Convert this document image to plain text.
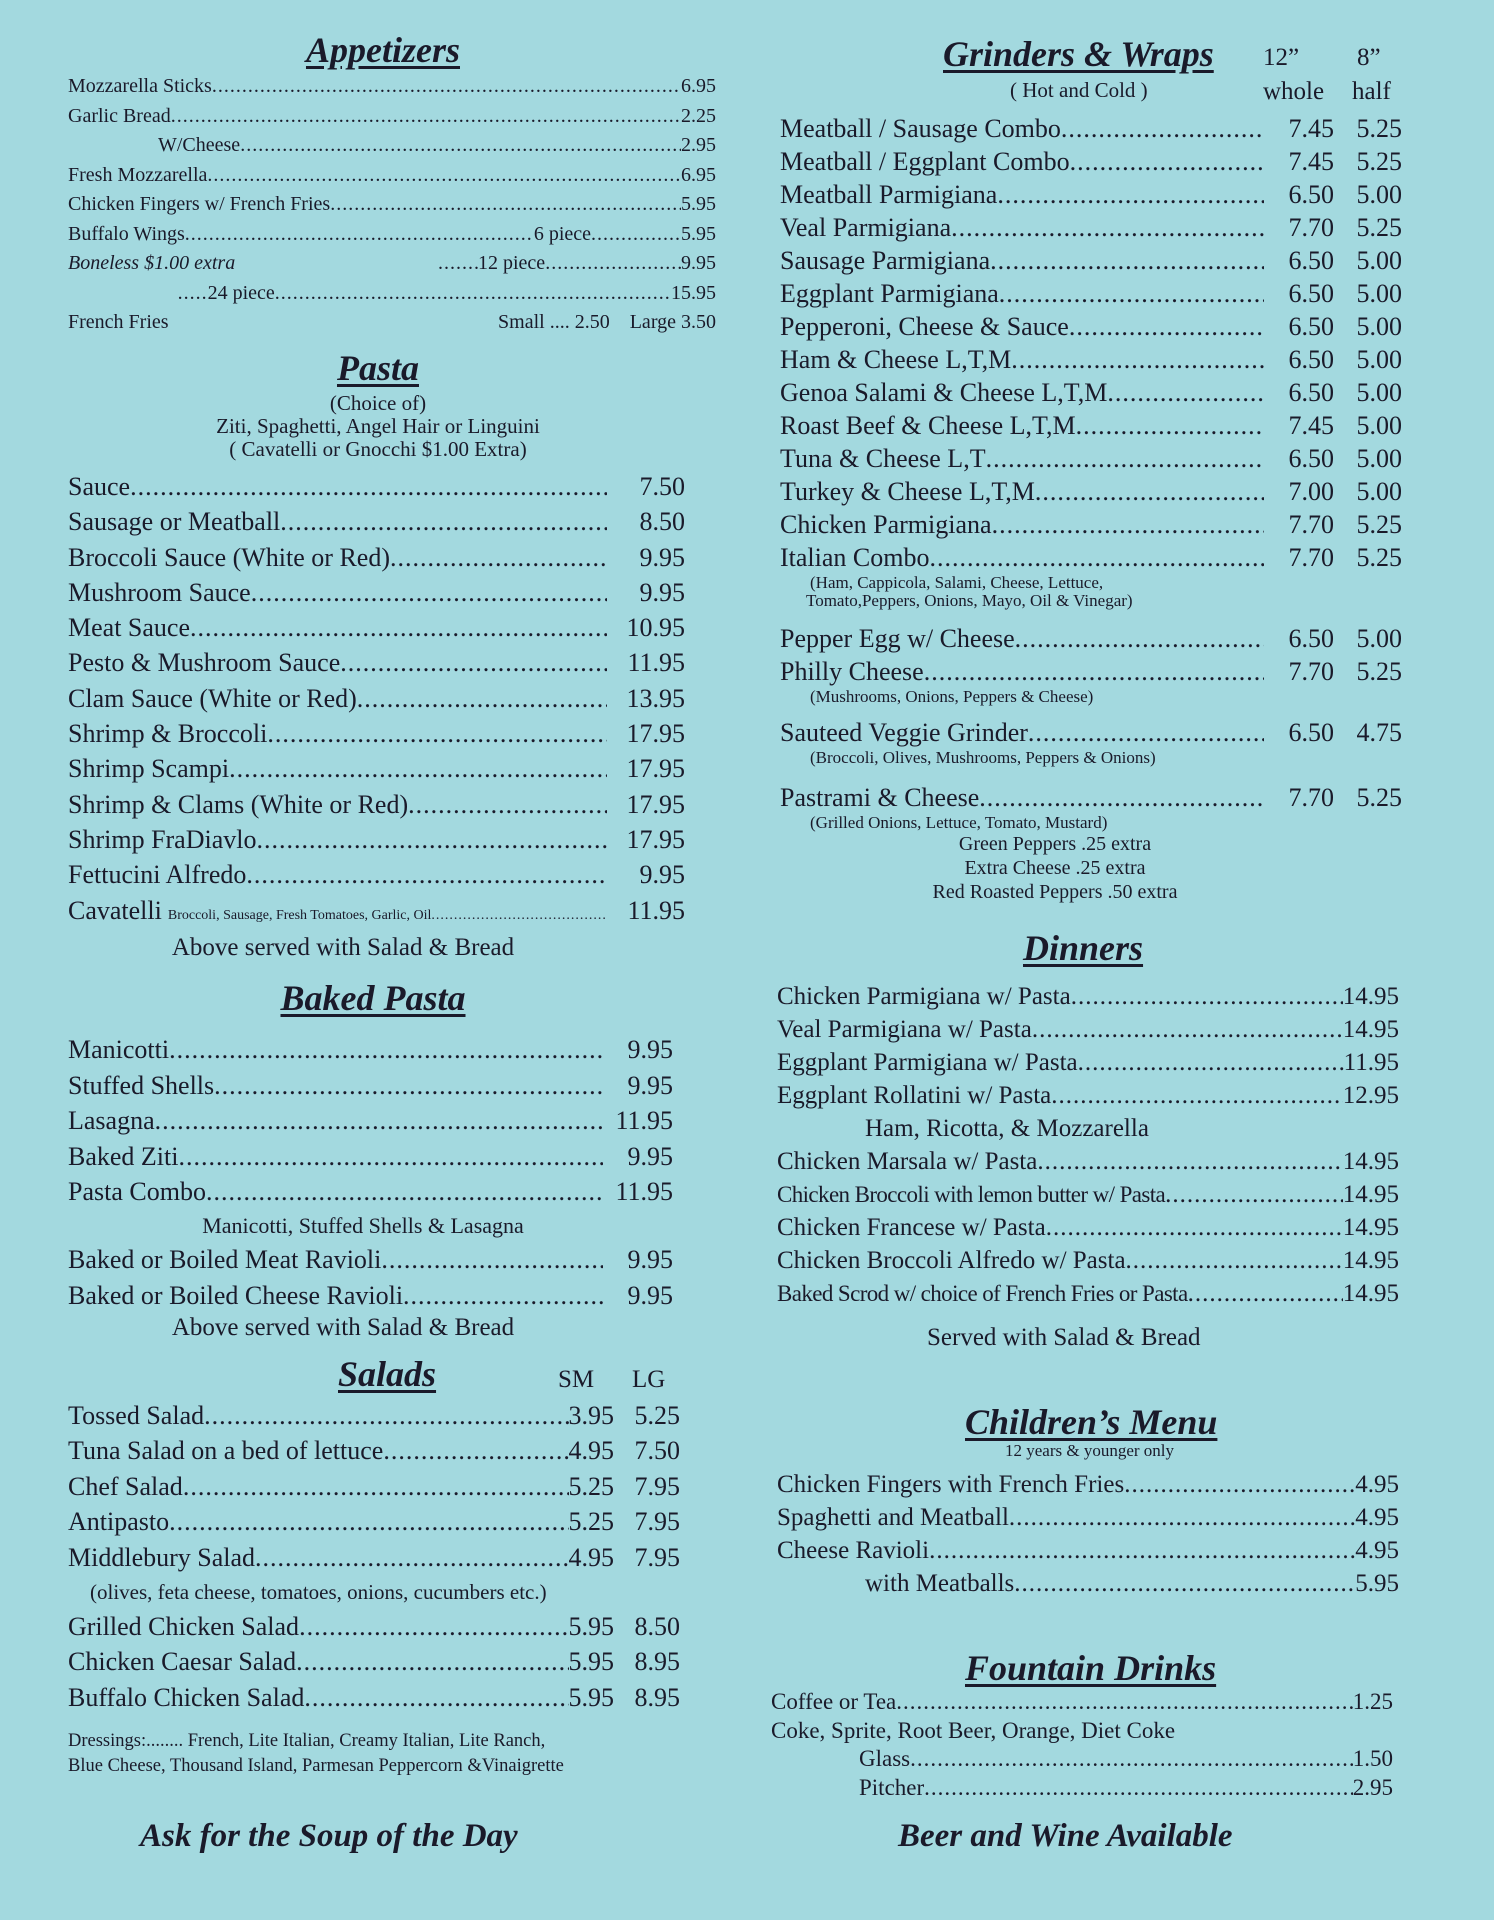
Appetizers
Mozzarella Sticks .....	6.95
Garlic Bread .....	2.25
W/Cheese .....	2.95
Fresh Mozzarella .....	6.95
Chicken Fingers w/ French Fries .....	5.95
Buffalo Wings .....	6 piece .....	5.95
Boneless $1.00 extra .....	12 piece .....	9.95
.....
24 piece .....	15.95
French Fries	Small .... 2.50 Large 3.50
Pasta
(Choice of)
Ziti, Spaghetti, Angel Hair or Linguini
( Cavatelli or Gnocchi $1.00 Extra)
Sauce .....	7.50
Sausage or Meatball .....	8.50
Broccoli Sauce (White or Red) .....	9.95
Mushroom Sauce .....	9.95
Meat Sauce .....	10.95
Pesto & Mushroom Sauce .....	11.95
Clam Sauce (White or Red) .....	13.95
Shrimp & Broccoli .....	17.95
Shrimp Scampi .....	17.95
Shrimp & Clams (White or Red) .....	17.95
Shrimp FraDiavlo .....	17.95
Fettucini Alfredo .....	9.95
Cavatelli Broccoli, Sausage, Fresh Tomatoes, Garlic, Oil .....	11.95
Above served with Salad & Bread
Baked Pasta
Manicotti .....	9.95
Stuffed Shells .....	9.95
Lasagna .....	11.95
Baked Ziti .....	9.95
Pasta Combo .....	11.95
Manicotti, Stuffed Shells & Lasagna
Baked or Boiled Meat Ravioli .....	9.95
Baked or Boiled Cheese Ravioli .....	9.95
Above served with Salad & Bread
Salads	SM LG
Tossed Salad .....	3.95 5.25
Tuna Salad on a bed of lettuce .....	4.95 7.50
Chef Salad .....	5.25 7.95
Antipasto .....	5.25 7.95
Middlebury Salad .....	4.95 7.95
(olives, feta cheese, tomatoes, onions, cucumbers etc.)
Grilled Chicken Salad .....	5.95 8.50
Chicken Caesar Salad .....	5.95 8.95
Buffalo Chicken Salad .....	5.95 8.95
Dressings:........ French, Lite Italian, Creamy Italian, Lite Ranch,
Blue Cheese, Thousand Island, Parmesan Peppercorn &Vinaigrette
Ask for the Soup of the Day
Grinders & Wraps
( Hot and Cold )
12”
whole
8”
half
Meatball / Sausage Combo .....	7.45 5.25
Meatball / Eggplant Combo .....	7.45 5.25
Meatball Parmigiana .....	6.50 5.00
Veal Parmigiana .....	7.70 5.25
Sausage Parmigiana .....	6.50 5.00
Eggplant Parmigiana .....	6.50 5.00
Pepperoni, Cheese & Sauce .....	6.50 5.00
Ham & Cheese L,T,M .....	6.50 5.00
Genoa Salami & Cheese L,T,M .....	6.50 5.00
Roast Beef & Cheese L,T,M .....	7.45 5.00
Tuna & Cheese L,T .....	6.50 5.00
Turkey & Cheese L,T,M .....	7.00 5.00
Chicken Parmigiana .....	7.70 5.25
Italian Combo .....	7.70 5.25
(Ham, Cappicola, Salami, Cheese, Lettuce,
Tomato,Peppers, Onions, Mayo, Oil & Vinegar)
Pepper Egg w/ Cheese .....	6.50 5.00
Philly Cheese .....	7.70 5.25
(Mushrooms, Onions, Peppers & Cheese)
Sauteed Veggie Grinder .....	6.50 4.75
(Broccoli, Olives, Mushrooms, Peppers & Onions)
Pastrami & Cheese .....	7.70 5.25
(Grilled Onions, Lettuce, Tomato, Mustard)
Green Peppers .25 extra
Extra Cheese .25 extra
Red Roasted Peppers .50 extra
Dinners
Chicken Parmigiana w/ Pasta .....	14.95
Veal Parmigiana w/ Pasta .....	14.95
Eggplant Parmigiana w/ Pasta .....	11.95
Eggplant Rollatini w/ Pasta .....	12.95
Ham, Ricotta, & Mozzarella
Chicken Marsala w/ Pasta .....	14.95
Chicken Broccoli with lemon butter w/ Pasta .....	14.95
Chicken Francese w/ Pasta .....	14.95
Chicken Broccoli Alfredo w/ Pasta .....	14.95
Baked Scrod w/ choice of French Fries or Pasta .....	14.95
Served with Salad & Bread
Children’s Menu
12 years & younger only
Chicken Fingers with French Fries .....	4.95
Spaghetti and Meatball .....	4.95
Cheese Ravioli .....	4.95
with Meatballs .....	5.95
Fountain Drinks
Coffee or Tea .....	1.25
Coke, Sprite, Root Beer, Orange, Diet Coke
Glass .....	1.50
Pitcher .....	2.95
Beer and Wine Available
